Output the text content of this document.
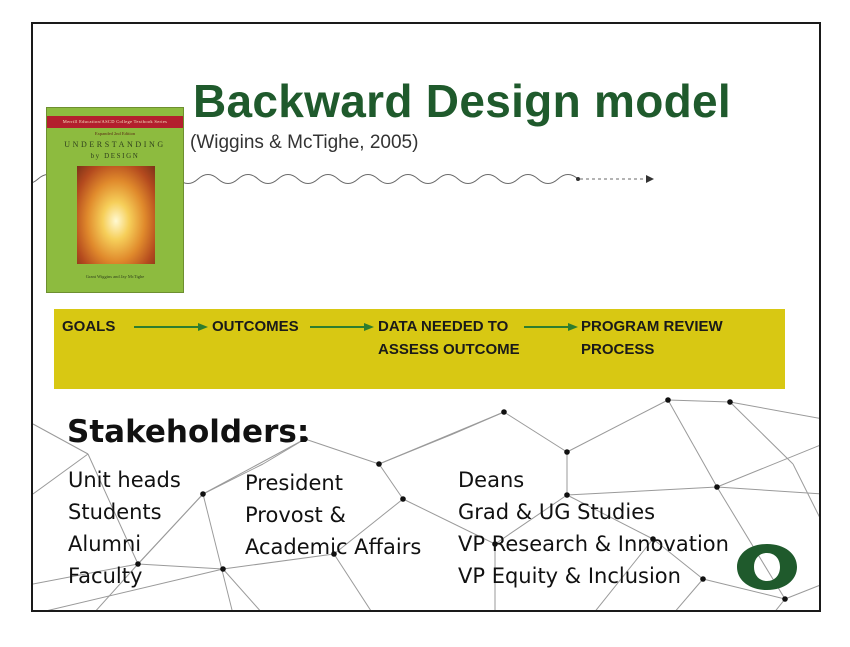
Backward Design model
(Wiggins & McTighe, 2005)
Merrill Education/ASCD College Textbook Series
Expanded 2nd Edition
UNDERSTANDING
by DESIGN
Grant Wiggins and Jay McTighe
GOALS	OUTCOMES	DATA NEEDED TO
ASSESS OUTCOME
PROGRAM REVIEW
PROCESS
Stakeholders:
Unit heads
Students
Alumni
Faculty
President
Provost &
Academic Affairs
Deans
Grad & UG Studies
VP Research & Innovation
VP Equity & Inclusion
